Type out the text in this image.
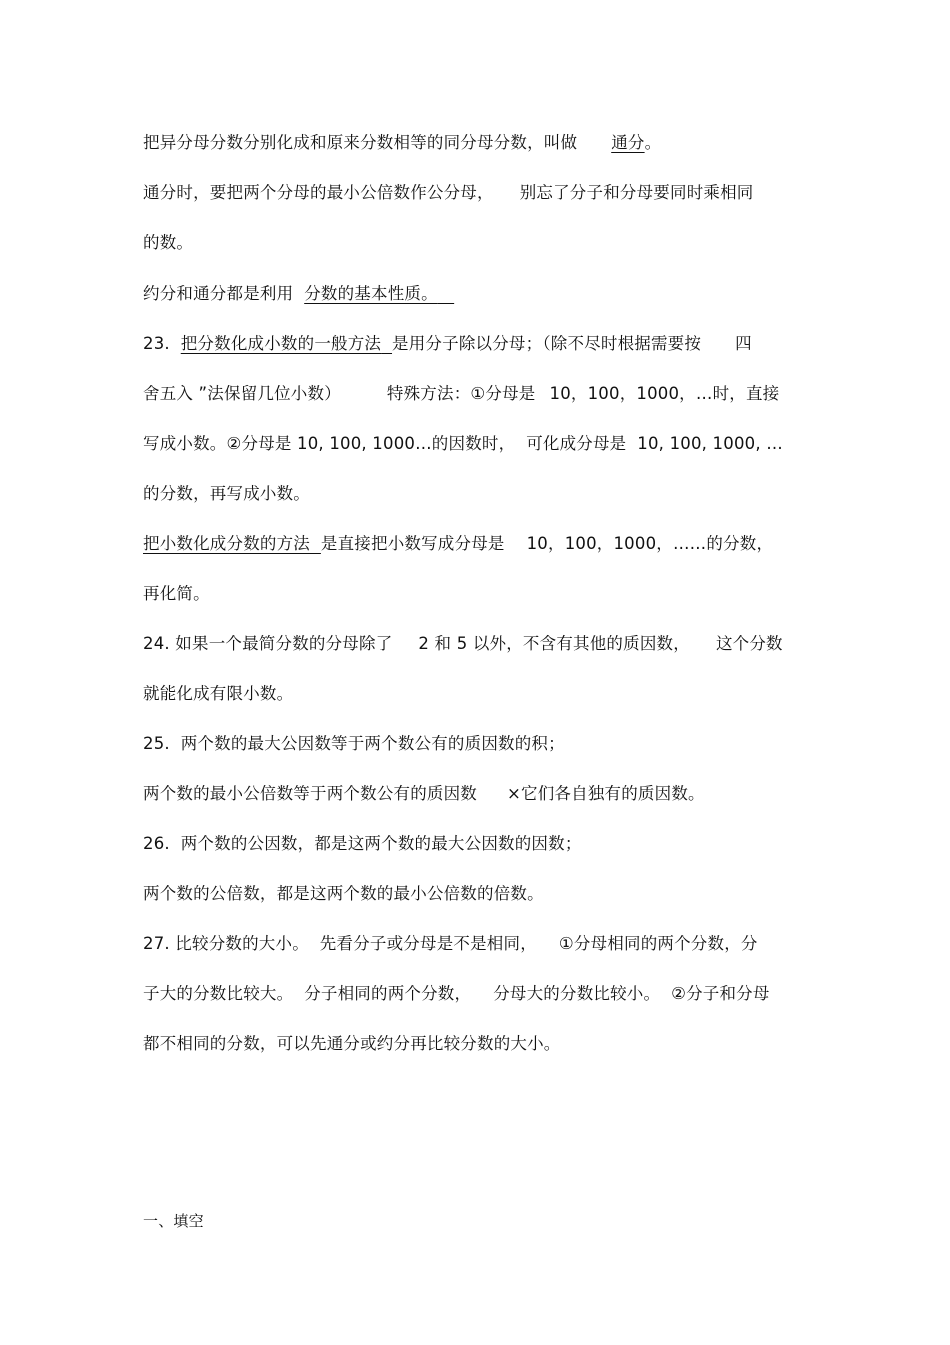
把异分母分数分别化成和原来分数相等的同分母分数，叫做 通分。
通分时，要把两个分母的最小公倍数作公分母， 别忘了分子和分母要同时乘相同
的数。
约分和通分都是利用 分数的基本性质。
23. 把分数化成小数的一般方法 是用分子除以分母；（除不尽时根据需要按 四
舍五入 ”法保留几位小数）	特殊方法：①分母是 10，100，1000，…时，直接
写成小数。②分母是 10, 100, 1000…的因数时， 可化成分母是 10, 100, 1000, …
的分数，再写成小数。
把小数化成分数的方法 是直接把小数写成分母是 10，100，1000，……的分数，
再化简。
24. 如果一个最简分数的分母除了 2 和 5 以外，不含有其他的质因数， 这个分数
就能化成有限小数。
25. 两个数的最大公因数等于两个数公有的质因数的积；
两个数的最小公倍数等于两个数公有的质因数 ×它们各自独有的质因数。
26. 两个数的公因数，都是这两个数的最大公因数的因数；
两个数的公倍数，都是这两个数的最小公倍数的倍数。
27. 比较分数的大小。 先看分子或分母是不是相同， ①分母相同的两个分数，分
子大的分数比较大。 分子相同的两个分数， 分母大的分数比较小。 ②分子和分母
都不相同的分数，可以先通分或约分再比较分数的大小。
一、填空
